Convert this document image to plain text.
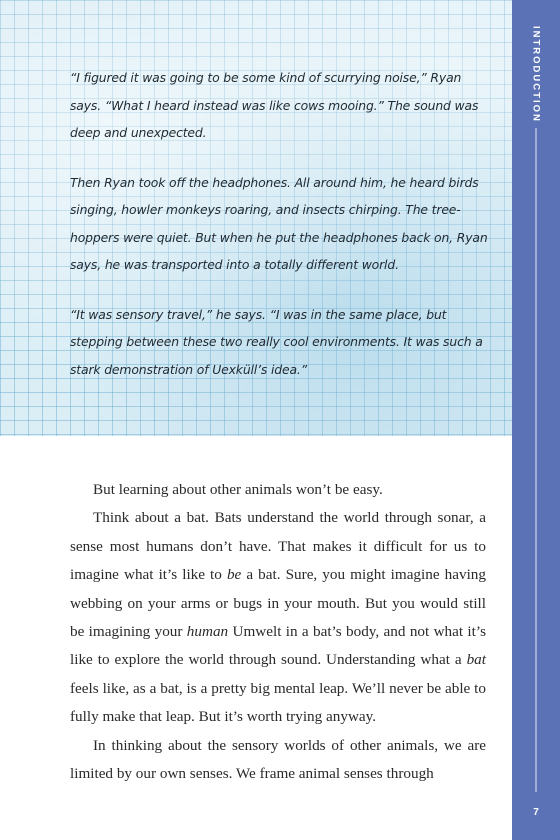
“I figured it was going to be some kind of scurrying noise,” Ryan says. “What I heard instead was like cows mooing.” The sound was deep and unexpected.

Then Ryan took off the headphones. All around him, he heard birds singing, howler monkeys roaring, and insects chirping. The tree-hoppers were quiet. But when he put the headphones back on, Ryan says, he was transported into a totally different world.

“It was sensory travel,” he says. “I was in the same place, but stepping between these two really cool environments. It was such a stark demonstration of Uexküll’s idea.”

But learning about other animals won’t be easy.

Think about a bat. Bats understand the world through sonar, a sense most humans don’t have. That makes it difficult for us to imagine what it’s like to be a bat. Sure, you might imagine having webbing on your arms or bugs in your mouth. But you would still be imagining your human Umwelt in a bat’s body, and not what it’s like to explore the world through sound. Understanding what a bat feels like, as a bat, is a pretty big mental leap. We’ll never be able to fully make that leap. But it’s worth trying anyway.

In thinking about the sensory worlds of other animals, we are limited by our own senses. We frame animal senses through

INTRODUCTION
7
